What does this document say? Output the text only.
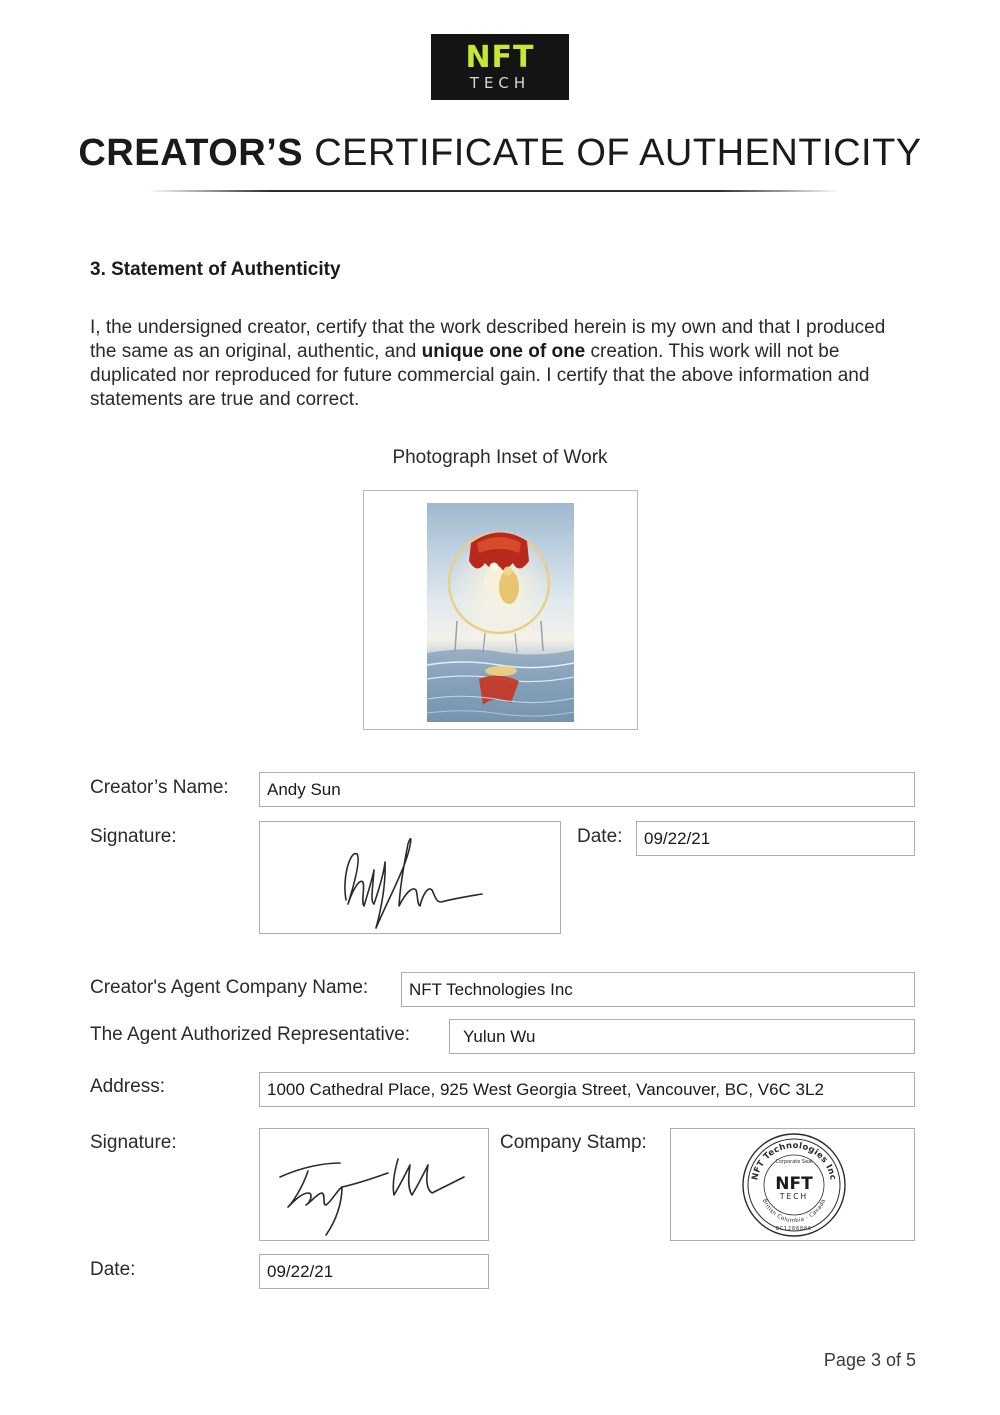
NFT
TECH
CREATOR’S CERTIFICATE OF AUTHENTICITY
3. Statement of Authenticity
I, the undersigned creator, certify that the work described herein is my own and that I produced the same as an original, authentic, and unique one of one creation. This work will not be duplicated nor reproduced for future commercial gain. I certify that the above information and statements are true and correct.
Photograph Inset of Work
Creator’s Name: Andy Sun
Signature:	Date: 09/22/21
Creator's Agent Company Name: NFT Technologies Inc
The Agent Authorized Representative:	Yulun Wu
Address:	1000 Cathedral Place, 925 West Georgia Street, Vancouver, BC, V6C 3L2
Signature:	Company Stamp:
NFT Technologies Inc
British Columbia · Canada
Corporate Seal
NFT
TECH
BC1288886
Date:	09/22/21
Page 3 of 5
